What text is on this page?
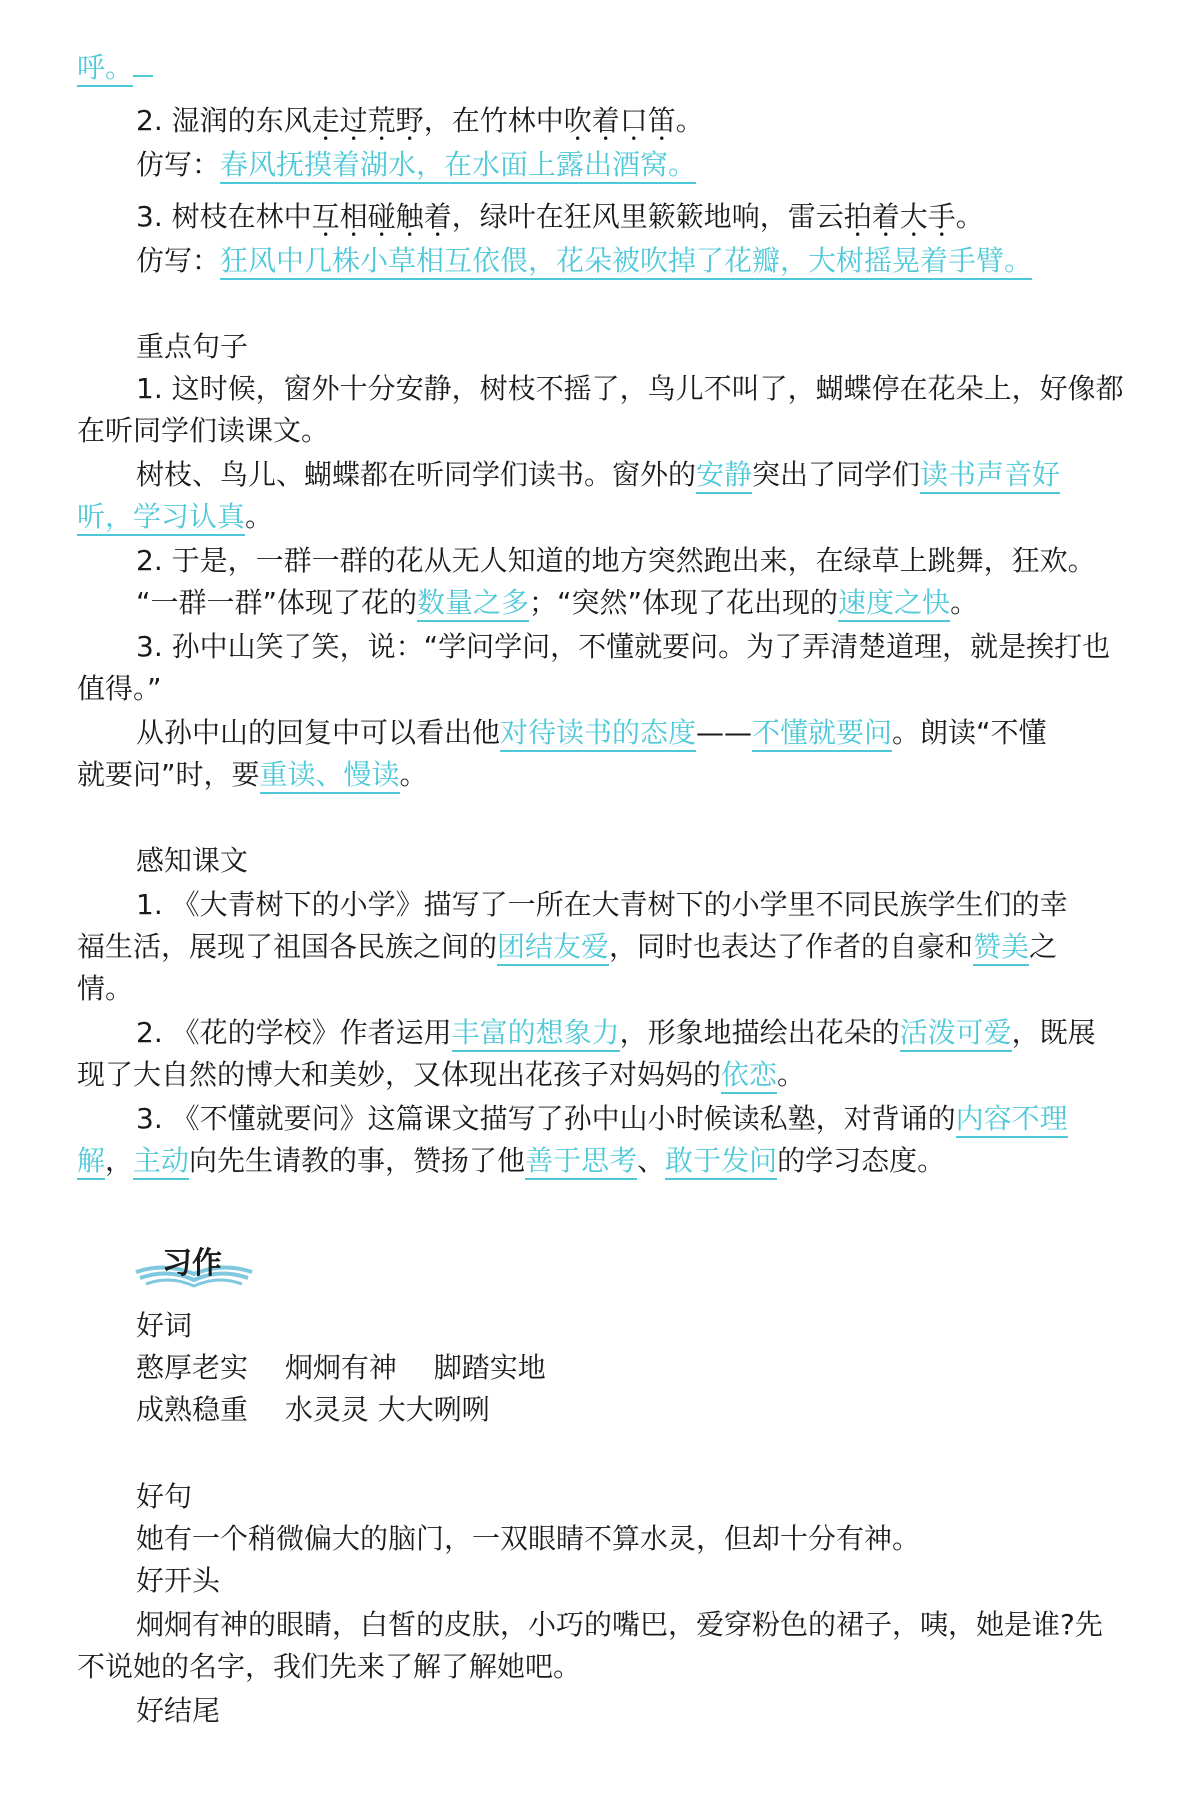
呼。
2. 湿润的东风走过荒野，在竹林中吹着口笛。
仿写：春风抚摸着湖水，在水面上露出酒窝。
3. 树枝在林中互相碰触着，绿叶在狂风里簌簌地响，雷云拍着大手。
仿写：狂风中几株小草相互依偎，花朵被吹掉了花瓣，大树摇晃着手臂。
重点句子
1. 这时候，窗外十分安静，树枝不摇了，鸟儿不叫了，蝴蝶停在花朵上，好像都
在听同学们读课文。
树枝、鸟儿、蝴蝶都在听同学们读书。窗外的安静突出了同学们读书声音好
听，学习认真。
2. 于是，一群一群的花从无人知道的地方突然跑出来，在绿草上跳舞，狂欢。
“一群一群”体现了花的数量之多；“突然”体现了花出现的速度之快。
3. 孙中山笑了笑，说：“学问学问，不懂就要问。为了弄清楚道理，就是挨打也
值得。”
从孙中山的回复中可以看出他对待读书的态度——不懂就要问。朗读“不懂
就要问”时，要重读、慢读。
感知课文
1. 《大青树下的小学》描写了一所在大青树下的小学里不同民族学生们的幸
福生活，展现了祖国各民族之间的团结友爱，同时也表达了作者的自豪和赞美之
情。
2. 《花的学校》作者运用丰富的想象力，形象地描绘出花朵的活泼可爱，既展
现了大自然的博大和美妙，又体现出花孩子对妈妈的依恋。
3. 《不懂就要问》这篇课文描写了孙中山小时候读私塾，对背诵的内容不理
解，主动向先生请教的事，赞扬了他善于思考、敢于发问的学习态度。
习作
好词
憨厚老实　 炯炯有神　 脚踏实地
成熟稳重　 水灵灵 大大咧咧
好句
她有一个稍微偏大的脑门，一双眼睛不算水灵，但却十分有神。
好开头
炯炯有神的眼睛，白皙的皮肤，小巧的嘴巴，爱穿粉色的裙子，咦，她是谁?先
不说她的名字，我们先来了解了解她吧。
好结尾
